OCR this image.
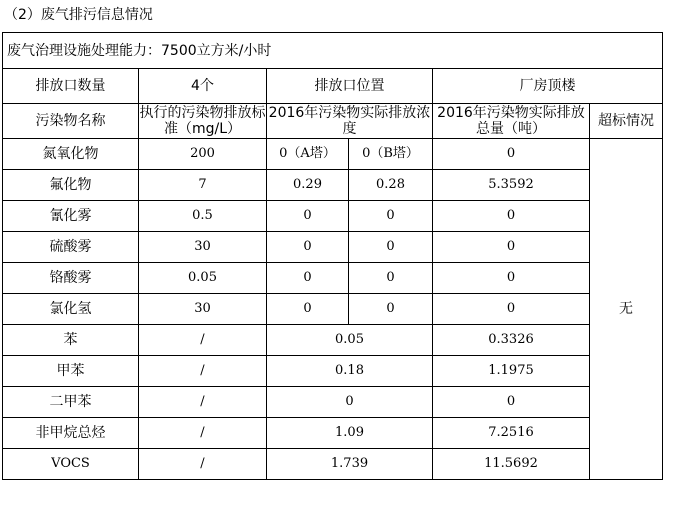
（2）废气排污信息情况
废气治理设施处理能力：7500立方米/小时					
排放口数量	4个	排放口位置		厂房顶楼	
污染物名称	执行的污染物排放标准（mg/L）	2016年污染物实际排放浓度		2016年污染物实际排放总量（吨）	超标情况
氮氧化物	200	0（A塔）	0（B塔）	0	无
氟化物	7	0.29	0.28	5.3592	
氰化雾	0.5	0	0	0	
硫酸雾	30	0	0	0	
铬酸雾	0.05	0	0	0	
氯化氢	30	0	0	0	
苯	/	0.05		0.3326	
甲苯	/	0.18		1.1975	
二甲苯	/	0		0	
非甲烷总烃	/	1.09		7.2516	
VOCS	/	1.739		11.5692	
